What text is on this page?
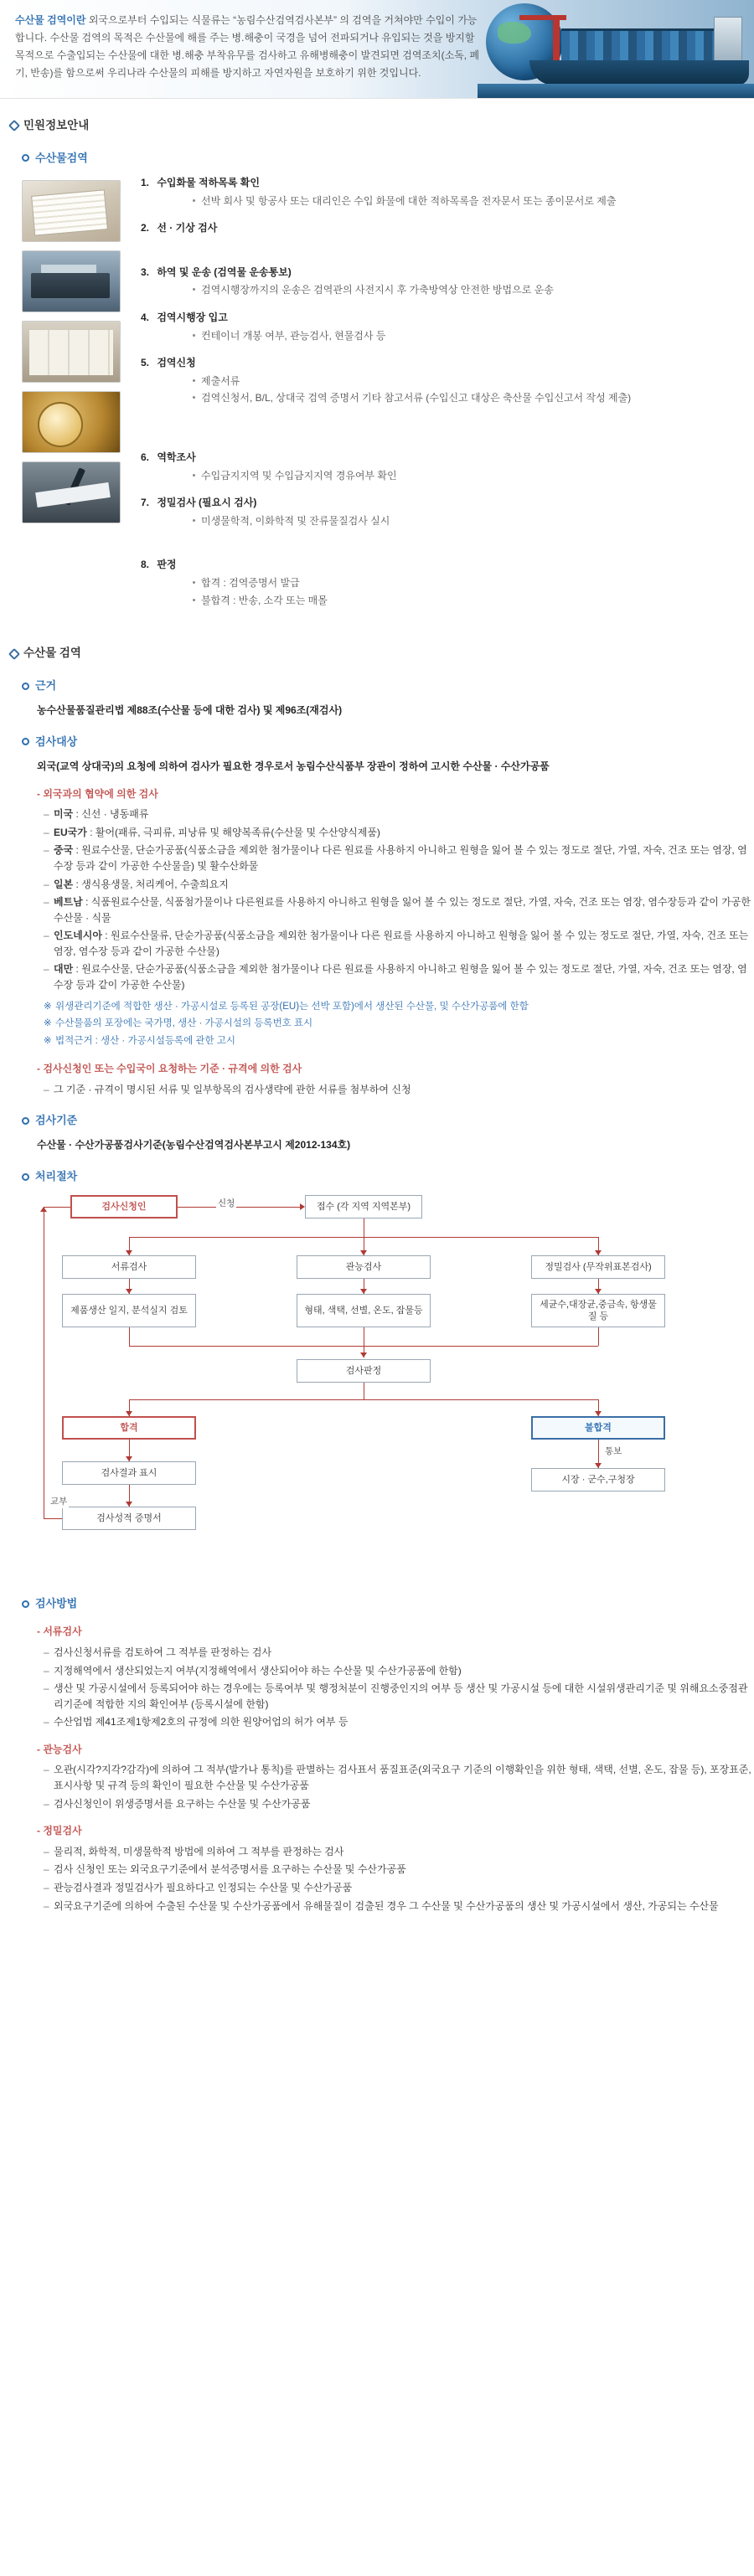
수산물 검역이란 외국으로부터 수입되는 식물류는 “농림수산검역검사본부” 의 검역을 거쳐야만 수입이 가능합니다. 수산물 검역의 목적은 수산물에 해를 주는 병.해충이 국경을 넘어 전파되거나 유입되는 것을 방지할 목적으로 수출입되는 수산물에 대한 병.해충 부착유무를 검사하고 유해병해충이 발견되면 검역조치(소독, 폐기, 반송)를 함으로써 우리나라 수산물의 피해를 방지하고 자연자원을 보호하기 위한 것입니다.
민원정보안내
수산물검역
1. 수입화물 적하목록 확인
선박 회사 및 항공사 또는 대리인은 수입 화물에 대한 적하목록을 전자문서 또는 종이문서로 제출
2. 선 · 기상 검사
3. 하역 및 운송 (검역물 운송통보)
검역시행장까지의 운송은 검역관의 사전지시 후 가축방역상 안전한 방법으로 운송
4. 검역시행장 입고
컨테이너 개봉 여부, 관능검사, 현물검사 등
5. 검역신청
제출서류
검역신청서, B/L, 상대국 검역 증명서 기타 참고서류 (수입신고 대상은 축산물 수입신고서 작성 제출)
6. 역학조사
수입금지지역 및 수입금지지역 경유여부 확인
7. 정밀검사 (필요시 검사)
미생물학적, 이화학적 및 잔류물질검사 실시
8. 판정
합격 : 검역증명서 발급
불합격 : 반송, 소각 또는 매몰
수산물 검역
근거
농수산물품질관리법 제88조(수산물 등에 대한 검사) 및 제96조(재검사)
검사대상
외국(교역 상대국)의 요청에 의하여 검사가 필요한 경우로서 농림수산식품부 장관이 정하여 고시한 수산물 · 수산가공품
- 외국과의 협약에 의한 검사
– 미국 : 신선 · 냉동패류
– EU국가 : 활어(패류, 극피류, 피낭류 및 해양복족류(수산물 및 수산양식제품)
– 중국 : 원료수산물, 단순가공품(식품소금을 제외한 첨가물이나 다른 원료를 사용하지 아니하고 원형을 잃어 볼 수 있는 정도로 절단, 가열, 자숙, 건조 또는 염장, 염수장 등과 같이 가공한 수산물을) 및 활수산화물
– 일본 : 생식용생물, 처리케어, 수출희요지
– 베트남 : 식품원료수산물, 식품첨가물이나 다른원료를 사용하지 아니하고 원형을 잃어 볼 수 있는 정도로 절단, 가열, 자숙, 건조 또는 염장, 염수장등과 같이 가공한 수산물 · 식물
– 인도네시아 : 원료수산물류, 단순가공품(식품소금을 제외한 첨가물이나 다른 원료를 사용하지 아니하고 원형을 잃어 볼 수 있는 정도로 절단, 가열, 자숙, 건조 또는 염장, 염수장 등과 같이 가공한 수산물)
– 대만 : 원료수산물, 단순가공품(식품소금을 제외한 첨가물이나 다른 원료를 사용하지 아니하고 원형을 잃어 볼 수 있는 정도로 절단, 가열, 자숙, 건조 또는 염장, 염수장 등과 같이 가공한 수산물)
※ 위생관리기준에 적합한 생산 · 가공시설로 등록된 공장(EU)는 선박 포함)에서 생산된 수산물, 및 수산가공품에 한함
※ 수산물품의 포장에는 국가명, 생산 · 가공시설의 등록번호 표시
※ 법적근거 : 생산 · 가공시설등록에 관한 고시
- 검사신청인 또는 수입국이 요청하는 기준 · 규격에 의한 검사
– 그 기준 · 규격이 명시된 서류 및 일부항목의 검사생략에 관한 서류를 첨부하여 신청
검사기준
수산물 · 수산가공품검사기준(농림수산검역검사본부고시 제2012-134호)
처리절차
검사신청인	접수 (각 지역 지역본부)
신청
서류검사	관능검사	정밀검사 (무작위표본검사)
제품생산 일지, 분석실지 검토	형태, 색택, 선별, 온도, 잡물등
세균수,대장균,중금속, 항생물질 등
검사판정
합격	불합격
검사결과 표시
검사성적 증명서
통보
시장 · 군수,구청장
교부
검사방법
- 서류검사
– 검사신청서류를 검토하여 그 적부를 판정하는 검사
– 지정해역에서 생산되었는지 여부(지정해역에서 생산되어야 하는 수산물 및 수산가공품에 한함)
– 생산 및 가공시설에서 등록되어야 하는 경우에는 등록여부 및 행정처분이 진행중인지의 여부 등 생산 및 가공시설 등에 대한 시설위생관리기준 및 위해요소중점관리기준에 적합한 지의 확인여부 (등록시설에 한함)
– 수산업법 제41조제1항제2호의 규정에 의한 원양어업의 허가 여부 등
- 관능검사
– 오관(시각?지각?감각)에 의하여 그 적부(발가나 통칙)를 판별하는 검사표서 품질표준(외국요구 기준의 이행확인을 위한 형태, 색택, 선별, 온도, 잡물 등), 포장표준, 표시사항 및 규격 등의 확인이 필요한 수산물 및 수산가공품
– 검사신청인이 위생증명서를 요구하는 수산물 및 수산가공품
- 정밀검사
– 물리적, 화학적, 미생물학적 방법에 의하여 그 적부를 판정하는 검사
– 검사 신청인 또는 외국요구기준에서 분석증명서를 요구하는 수산물 및 수산가공품
– 관능검사결과 정밀검사가 필요하다고 인정되는 수산물 및 수산가공품
– 외국요구기준에 의하여 수출된 수산물 및 수산가공품에서 유해물질이 검출된 경우 그 수산물 및 수산가공품의 생산 및 가공시설에서 생산, 가공되는 수산물
